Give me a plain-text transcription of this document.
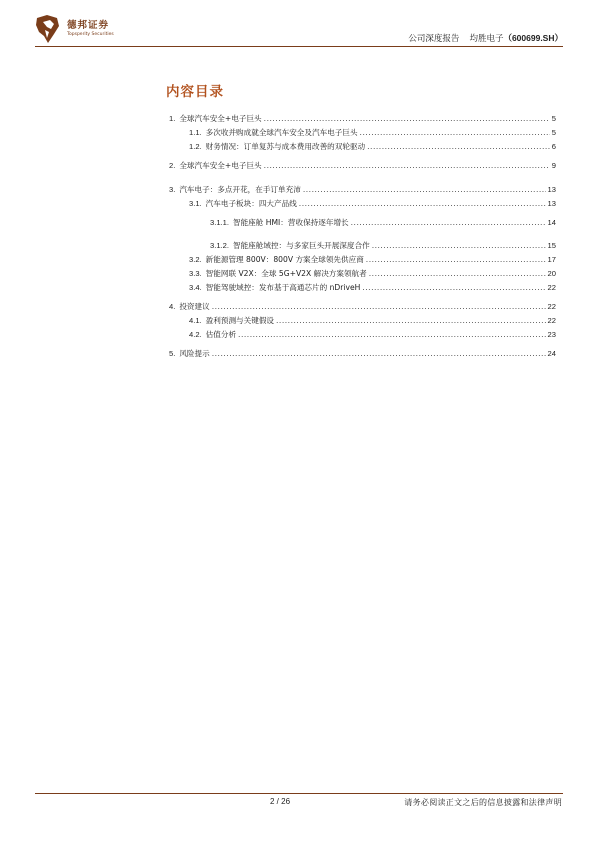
德邦证券
Topsperity Securities	公司深度报告 均胜电子（600699.SH）
内容目录
1. 全球汽车安全+电子巨头 .....	5
1.1. 多次收并购成就全球汽车安全及汽车电子巨头 .....	5
1.2. 财务情况：订单复苏与成本费用改善的双轮驱动 .....	6
2. 全球汽车安全+电子巨头 .....	9
3. 汽车电子：多点开花，在手订单充沛 .....	13
3.1. 汽车电子板块：四大产品线 .....	13
3.1.1. 智能座舱 HMI：营收保持逐年增长 .....	14
3.1.2. 智能座舱域控：与多家巨头开展深度合作 .....	15
3.2. 新能源管理 800V：800V 方案全球领先供应商 .....	17
3.3. 智能网联 V2X：全球 5G+V2X 解决方案领航者 .....	20
3.4. 智能驾驶域控：发布基于高通芯片的 nDriveH .....	22
4. 投资建议 .....	22
4.1. 盈利预测与关键假设 .....	22
4.2. 估值分析 .....	23
5. 风险提示 .....	24
2 / 26	请务必阅读正文之后的信息披露和法律声明
